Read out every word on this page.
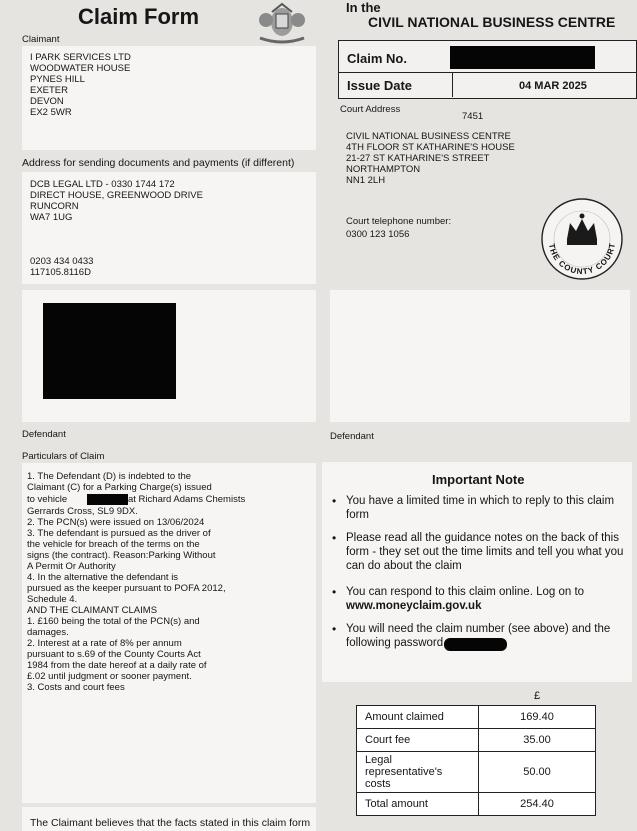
Claim Form
Claimant
I PARK SERVICES LTD
WOODWATER HOUSE
PYNES HILL
EXETER
DEVON
EX2 5WR
Address for sending documents and payments (if different)
DCB LEGAL LTD - 0330 1744 172
DIRECT HOUSE, GREENWOOD DRIVE
RUNCORN
WA7 1UG
0203 434 0433
117105.8116D
Defendant
Particulars of Claim
1. The Defendant (D) is indebted to the
Claimant (C) for a Parking Charge(s) issued
to vehicle	at Richard Adams Chemists
Gerrards Cross, SL9 9DX.
2. The PCN(s) were issued on 13/06/2024
3. The defendant is pursued as the driver of
the vehicle for breach of the terms on the
signs (the contract). Reason:Parking Without
A Permit Or Authority
4. In the alternative the defendant is
pursued as the keeper pursuant to POFA 2012,
Schedule 4.
AND THE CLAIMANT CLAIMS
1. £160 being the total of the PCN(s) and
damages.
2. Interest at a rate of 8% per annum
pursuant to s.69 of the County Courts Act
1984 from the date hereof at a daily rate of
£.02 until judgment or sooner payment.
3. Costs and court fees
The Claimant believes that the facts stated in this claim form
In the
CIVIL NATIONAL BUSINESS CENTRE
Claim No.
Issue Date	04 MAR 2025
Court Address
7451
CIVIL NATIONAL BUSINESS CENTRE
4TH FLOOR ST KATHARINE'S HOUSE
21-27 ST KATHARINE'S STREET
NORTHAMPTON
NN1 2LH
Court telephone number:
0300 123 1056
THE COUNTY COURT
Defendant
Important Note
• You have a limited time in which to reply to this claim form
• Please read all the guidance notes on the back of this form - they set out the time limits and tell you what you can do about the claim
• You can respond to this claim online. Log on to
www.moneyclaim.gov.uk
• You will need the claim number (see above) and the following password
£
Amount claimed	169.40
Court fee	35.00
Legal representative's costs	50.00
Total amount	254.40
